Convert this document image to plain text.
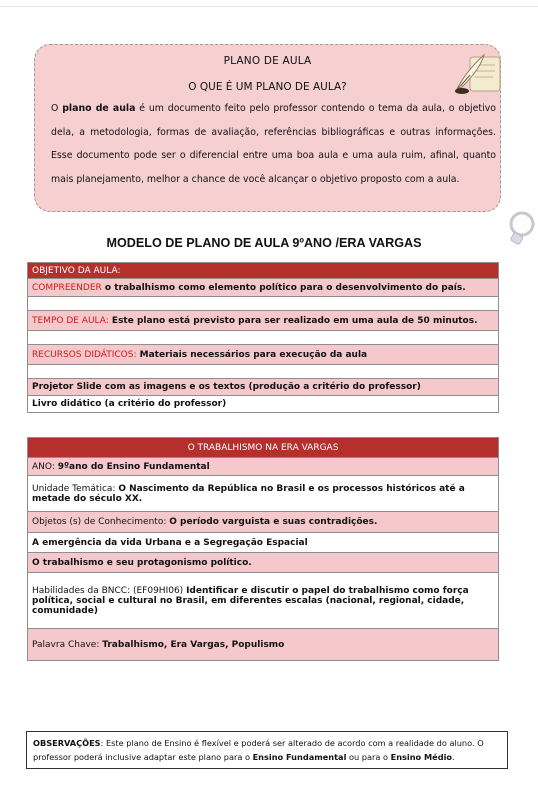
PLANO DE AULA
O QUE É UM PLANO DE AULA?
O plano de aula é um documento feito pelo professor contendo o tema da aula, o objetivo dela, a metodologia, formas de avaliação, referências bibliográficas e outras informações. Esse documento pode ser o diferencial entre uma boa aula e uma aula ruim, afinal, quanto mais planejamento, melhor a chance de você alcançar o objetivo proposto com a aula.
MODELO DE PLANO DE AULA 9ºANO /ERA VARGAS
OBJETIVO DA AULA:
COMPREENDER o trabalhismo como elemento político para o desenvolvimento do país.

TEMPO DE AULA: Este plano está previsto para ser realizado em uma aula de 50 minutos.

RECURSOS DIDÁTICOS: Materiais necessários para execução da aula

Projetor Slide com as imagens e os textos (produção a critério do professor)
Livro didático (a critério do professor)
O TRABALHISMO NA ERA VARGAS
ANO: 9ºano do Ensino Fundamental
Unidade Temática: O Nascimento da República no Brasil e os processos históricos até a metade do século XX.
Objetos (s) de Conhecimento: O período varguista e suas contradições.
A emergência da vida Urbana e a Segregação Espacial
O trabalhismo e seu protagonismo político.
Habilidades da BNCC: (EF09HI06) Identificar e discutir o papel do trabalhismo como força política, social e cultural no Brasil, em diferentes escalas (nacional, regional, cidade, comunidade)
Palavra Chave: Trabalhismo, Era Vargas, Populismo
OBSERVAÇÕES: Este plano de Ensino é flexível e poderá ser alterado de acordo com a realidade do aluno. O professor poderá inclusive adaptar este plano para o Ensino Fundamental ou para o Ensino Médio.
